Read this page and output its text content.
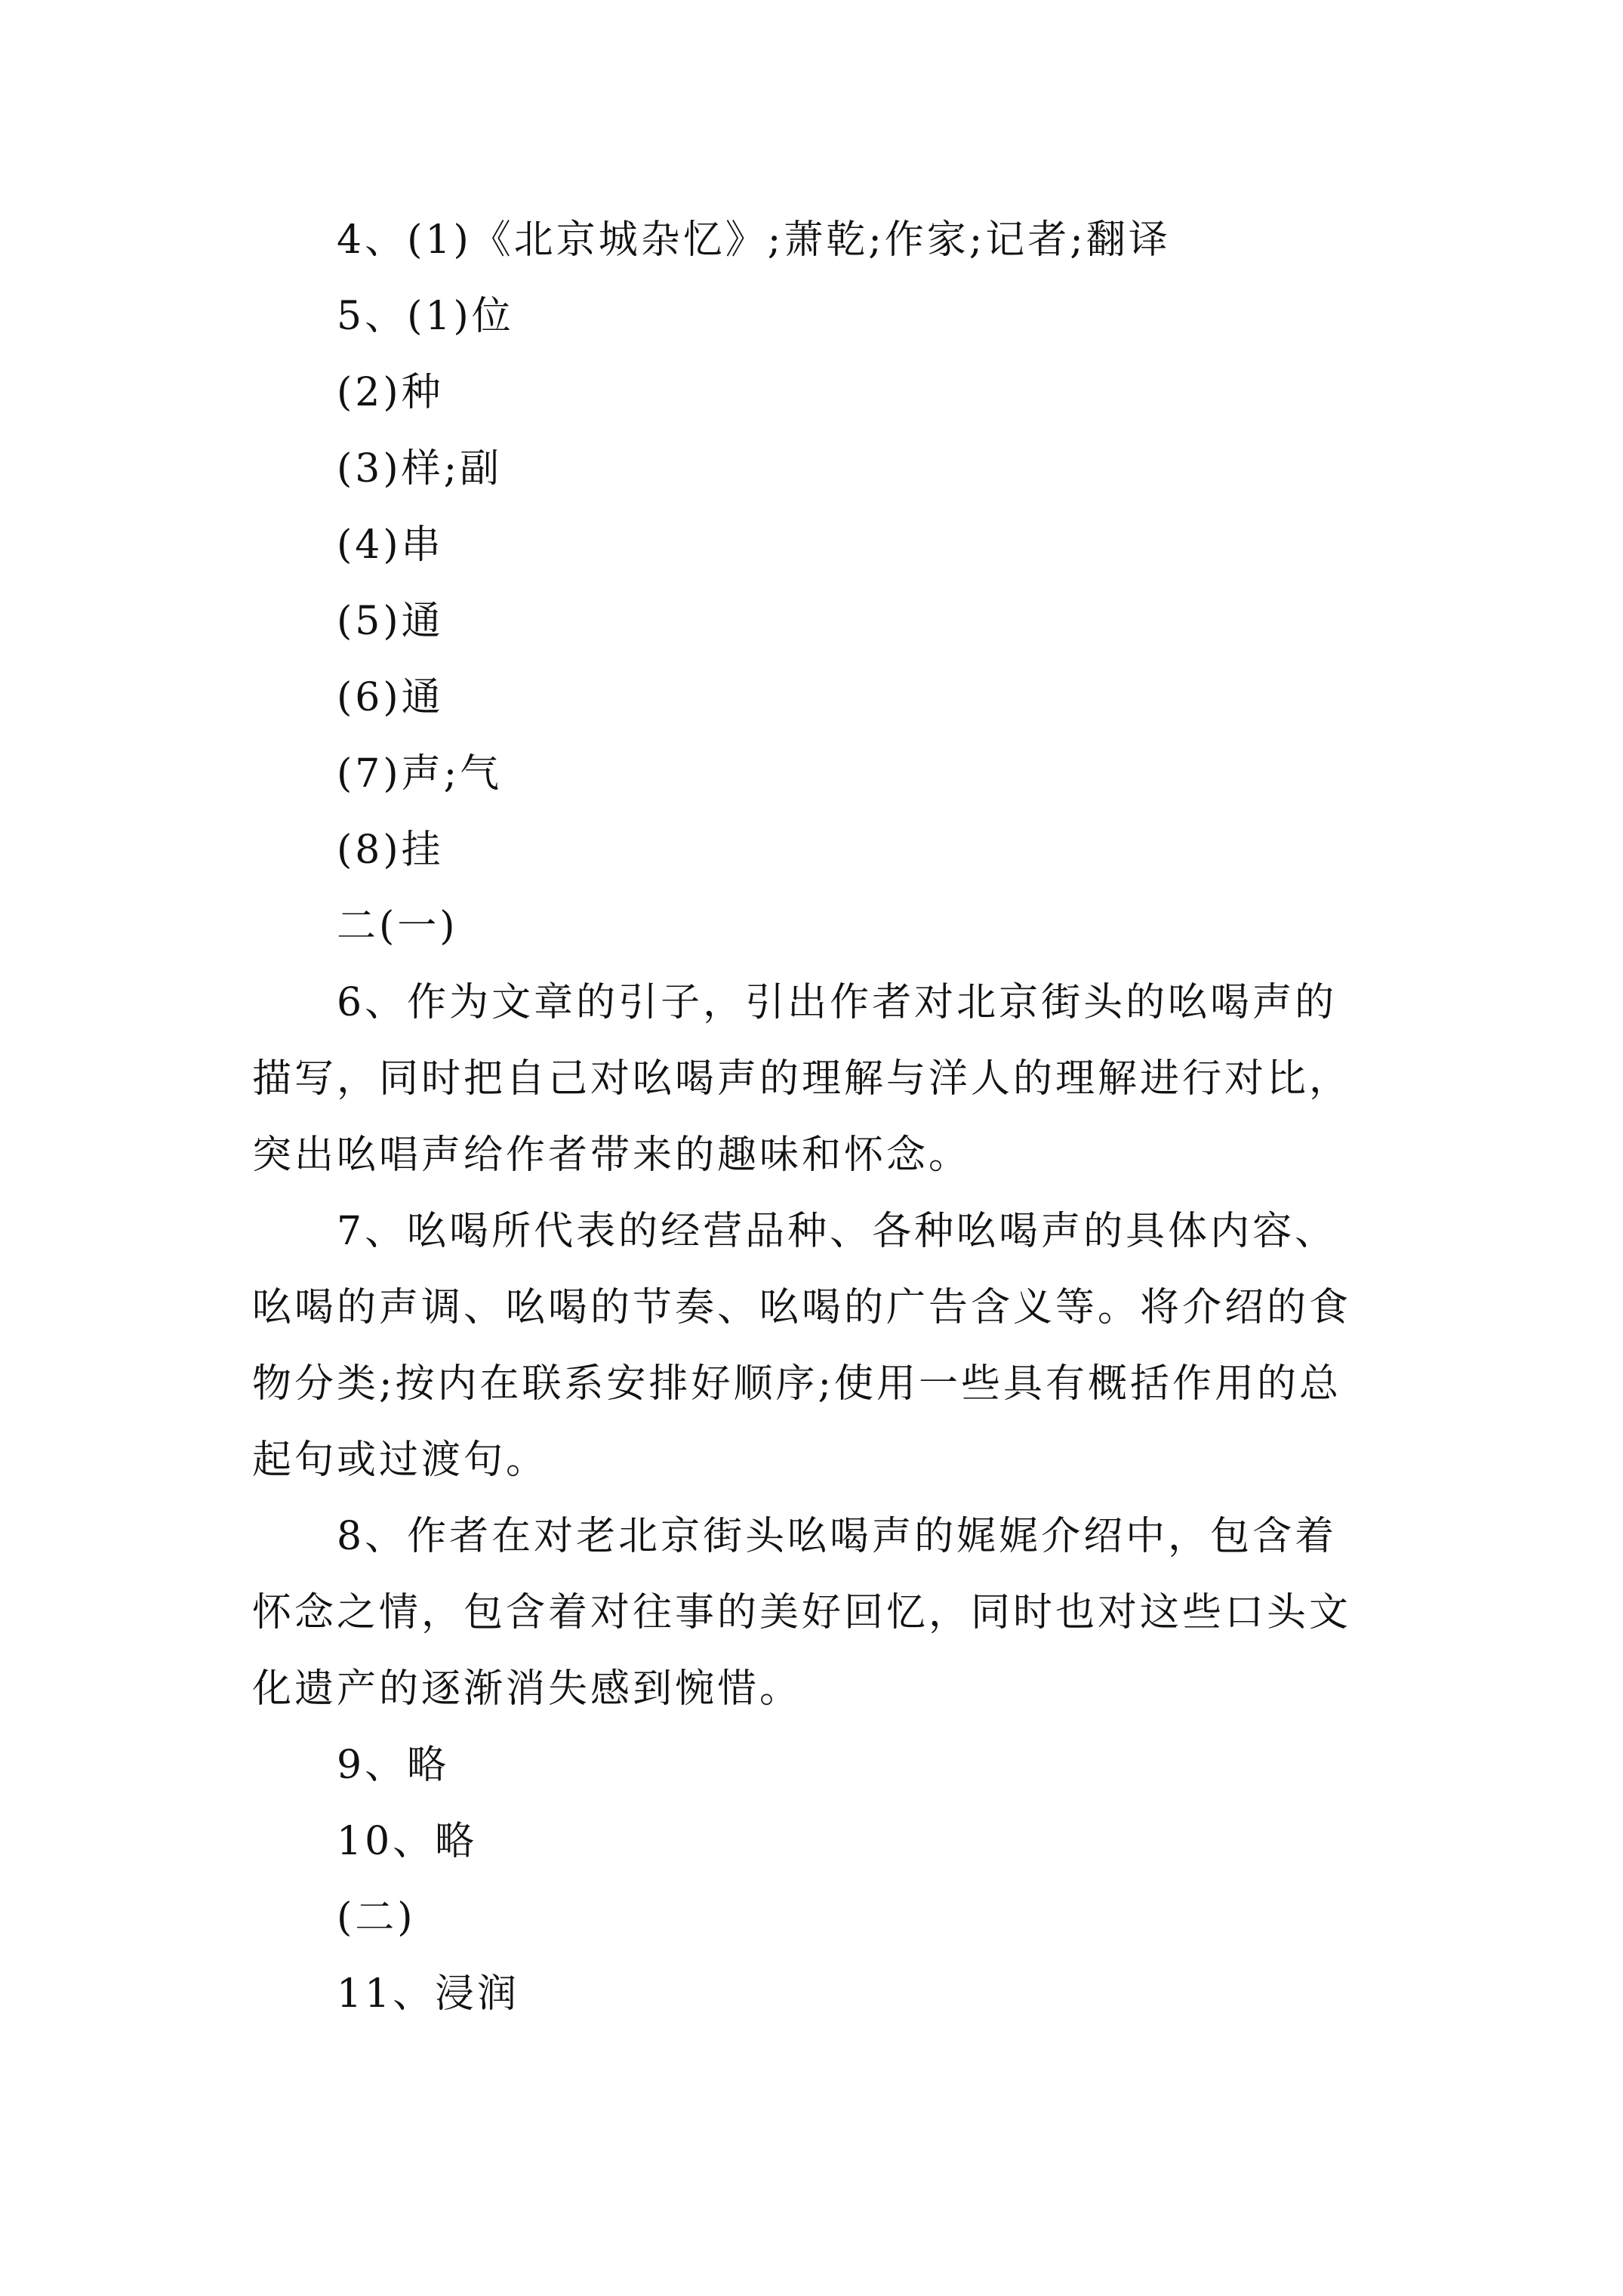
4、(1)《北京城杂忆》;萧乾;作家;记者;翻译
5、(1)位
(2)种
(3)样;副
(4)串
(5)通
(6)通
(7)声;气
(8)挂
二(一)
6、作为文章的引子，引出作者对北京街头的吆喝声的
描写，同时把自己对吆喝声的理解与洋人的理解进行对比，
突出吆唱声给作者带来的趣味和怀念。
7、吆喝所代表的经营品种、各种吆喝声的具体内容、
吆喝的声调、吆喝的节奏、吆喝的广告含义等。将介绍的食
物分类;按内在联系安排好顺序;使用一些具有概括作用的总
起句或过渡句。
8、作者在对老北京街头吆喝声的娓娓介绍中，包含着
怀念之情，包含着对往事的美好回忆，同时也对这些口头文
化遗产的逐渐消失感到惋惜。
9、略
10、略
(二)
11、浸润
